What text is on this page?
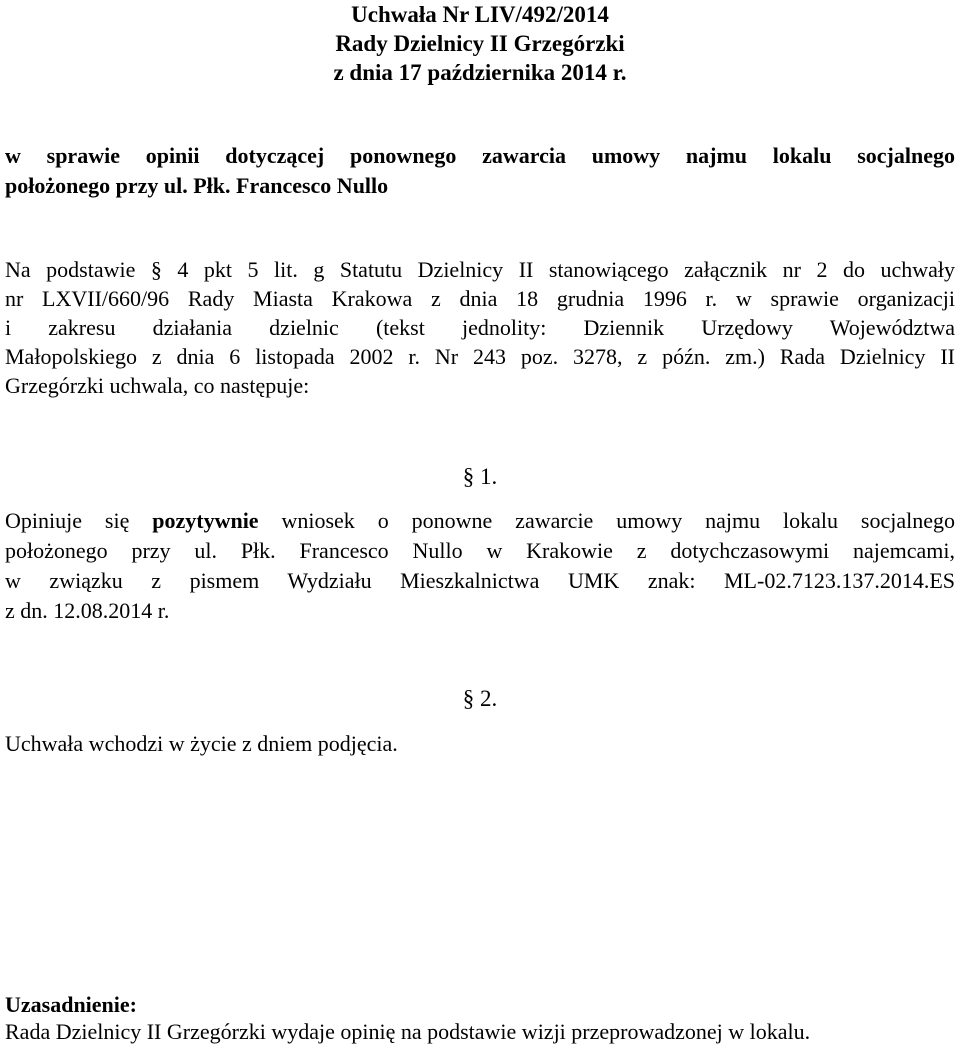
Uchwała Nr LIV/492/2014
Rady Dzielnicy II Grzegórzki
z dnia 17 października 2014 r.
w sprawie opinii dotyczącej ponownego zawarcia umowy najmu lokalu socjalnego
położonego przy ul. Płk. Francesco Nullo
Na podstawie § 4 pkt 5 lit. g Statutu Dzielnicy II stanowiącego załącznik nr 2 do uchwały
nr LXVII/660/96 Rady Miasta Krakowa z dnia 18 grudnia 1996 r. w sprawie organizacji
i zakresu działania dzielnic (tekst jednolity: Dziennik Urzędowy Województwa
Małopolskiego z dnia 6 listopada 2002 r. Nr 243 poz. 3278, z późn. zm.) Rada Dzielnicy II
Grzegórzki uchwala, co następuje:
§ 1.
Opiniuje się pozytywnie wniosek o ponowne zawarcie umowy najmu lokalu socjalnego
położonego przy ul. Płk. Francesco Nullo w Krakowie z dotychczasowymi najemcami,
w związku z pismem Wydziału Mieszkalnictwa UMK znak: ML-02.7123.137.2014.ES
z dn. 12.08.2014 r.
§ 2.
Uchwała wchodzi w życie z dniem podjęcia.
Uzasadnienie:
Rada Dzielnicy II Grzegórzki wydaje opinię na podstawie wizji przeprowadzonej w lokalu.
